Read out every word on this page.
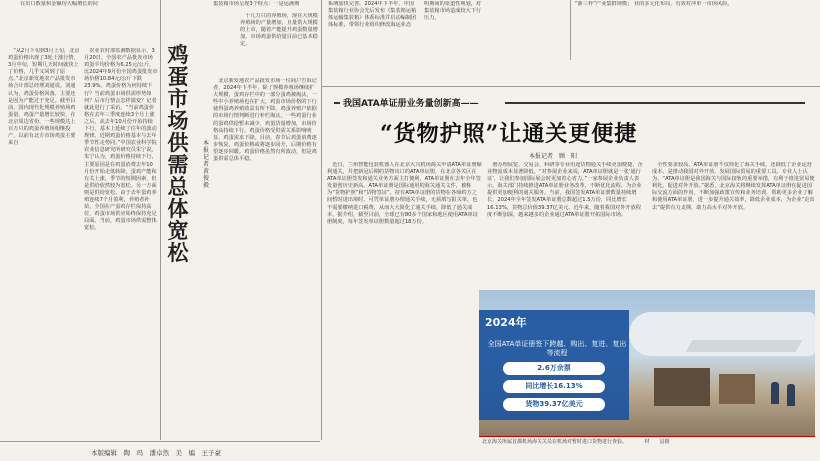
在出口数量和金额均大幅增长的同	集装箱市场呈现3个特点：一是运满期	系统加快完善。2024年下半年，中国集装箱行业协会先后发布《集装箱运箱体运输集装箱》体系标准并启动编制团体标准，带领行业组织修改海运业态
明期间的渠道性规划，对集装箱市场造成较大下行压力。
“新三样”产业集群规模； 业的多元化布局，有效对冲单一市场风险。
鸡蛋市场供需总体宽松
本报记者　黄俊毅

农业农村部监测数据显示，3月20日，全国农产品批发市场鸡蛋平均价格为6.25元/公斤，比2024年9月份全国鸡蛋批发市场价格10.84元/公斤下跌23.9%。鸡蛋价格为何持续下行？当前鸡蛋市场供需形势如何？后市行情会怎样演变？记者就此进行了采访。“当前鸡蛋价格在去年三季度连续3个月上涨之后，从去年10月份开始持续下行，基本上延续了往年的波动规律。近期鸡蛋价格基本与去年季节性走势同。”中国农业科学院农业信息研究所研究员朱宁说。朱宁认为，鸡蛋价格持续下行，主要原因是在鸡蛋消费去年10月份开始走低转降，蛋鸡产能和有关上涨，季节的短期因素，但是供给依然较为宽松。另一方面则是供给宽松。由于去年蛋鸡养殖连续7个月盈利，养殖者补苗，全国在产蛋鸡存栏保持高位，鸡蛋市场供应始终保持充足局面。当前，鸡蛋市场供需整体宽松。

“从2月下旬到3月上旬，北京鸡蛋价格出现了3轮上涨行情，3月中旬，短期几天时间就快上了价格，几乎又回到了原点。”北京新发地农产品批发市场合计部总经理刘通说。刘通认为，鸡蛋价格回落，主要还是因为产能过于充足。截至目前，国内现代化规模养殖场鸡蛋量、鸡蛋产量增长较快，在北京周边省份，一些规模达上百万只的鸡蛋养殖场相继投产，以前有北方市场鸡蛋主要来自

十几万只的养殖场，现在大规模养殖场的产量增加，且量供大规模的上市，随着产能提升鸡蛋数量增加，市场鸡蛋供给量目前已基本稳定。

北京新发地农产品批发市场一位商户告诉记者，2024年下半年，除了规模养殖场继续扩大规模，蛋鸡存栏中的一部分蛋鸡被淘汰，一些中小养殖场也在扩大。鸡蛋市场价格的下行使得蛋鸡养殖效益有所下降，鸡蛋养殖户依据的市场行情判断进行补栏淘汰，一些鸡蛋行业的蛋鸡供给暂未减少，鸡蛋货量增加，市场价格高持续下行。鸡蛋价格受供需关系影响明显，鸡蛋需求下降。目前，春节后鸡蛋消费逐步恢复，鸡蛋价格或将逐步回升，后期价格有望逐步回暖。鸡蛋价格虽然有所波动，但是鸡蛋供需总体平稳。

我国ATA单证册业务量创新高——
“货物护照”让通关更便捷
本报记者　顾　阳

近日，兰州智能包装机器人在北京大兴机场海关申请ATA单证册顺利通关，并把新冠后期的货物出口的ATA单证册，在北京各关区在ATA单证册签发和通关业务方面主打便利，ATA单证册在去年全年签发量创历史新高。ATA单证册是国际通用的海关通关文件，被称为“货物护照”和“货物签证”。持有ATA单证册的货物在各缔约方之间暂时进出境时，可凭单证册办理通关手续，无须填写报关单，也不需要缴纳进口税费，从而大大简化了通关手续，降低了通关成本。据介绍，截至目前，全球已有80多个国家和地区使用ATA单证册制度，每年签发单证册数量超过18万份。

册办理展览、交易会、科研等专业用途货物通关手续更加便捷，企业物流成本显著降低。“对参展企业来说，ATA单证册就是一张‘通行证’，让我们参加国际展会时更加省心省力。”一家参展企业负责人表示。海关部门持续推进ATA单证册业务改革，不断优化流程，为企业提供更加便利的通关服务。当前，我国签发ATA单证册数量持续增长，2024年全年签发ATA单证册总数超过1.5万份，同比增长16.13%，货物总价值39.37亿美元。近年来，随着我国对外开放程度不断加深，越来越多的企业通过ATA单证册开拓国际市场。

全性要求较高，ATA单证册不仅简化了海关手续，还降低了企业运营成本，是推动我国对外开放，发展国际贸易的重要工具。专业人士认为，“ATA单证册是我国海关与国际接轨的重要举措，有利于推进贸易便利化，促进对外开放。”据悉，北京海关将继续发挥ATA单证册在促进国际交流方面的作用，不断加强政策宣传和业务培训，帮助更多企业了解和使用ATA单证册，进一步提升通关效率，降低企业成本，为企业“走出去”提供有力支撑，助力高水平对外开放。

2024年
全国ATA单证册签下跨越、购出、复进、复出等流程
2.6万余票
同比增长16.13%
货物39.37亿美元
北京海关所属首都机场海关关员在机场对暂时进口货物进行查验。　　　　材　　县摄
本版编辑　陶　玛　潘卓然　美　编　王子豪
